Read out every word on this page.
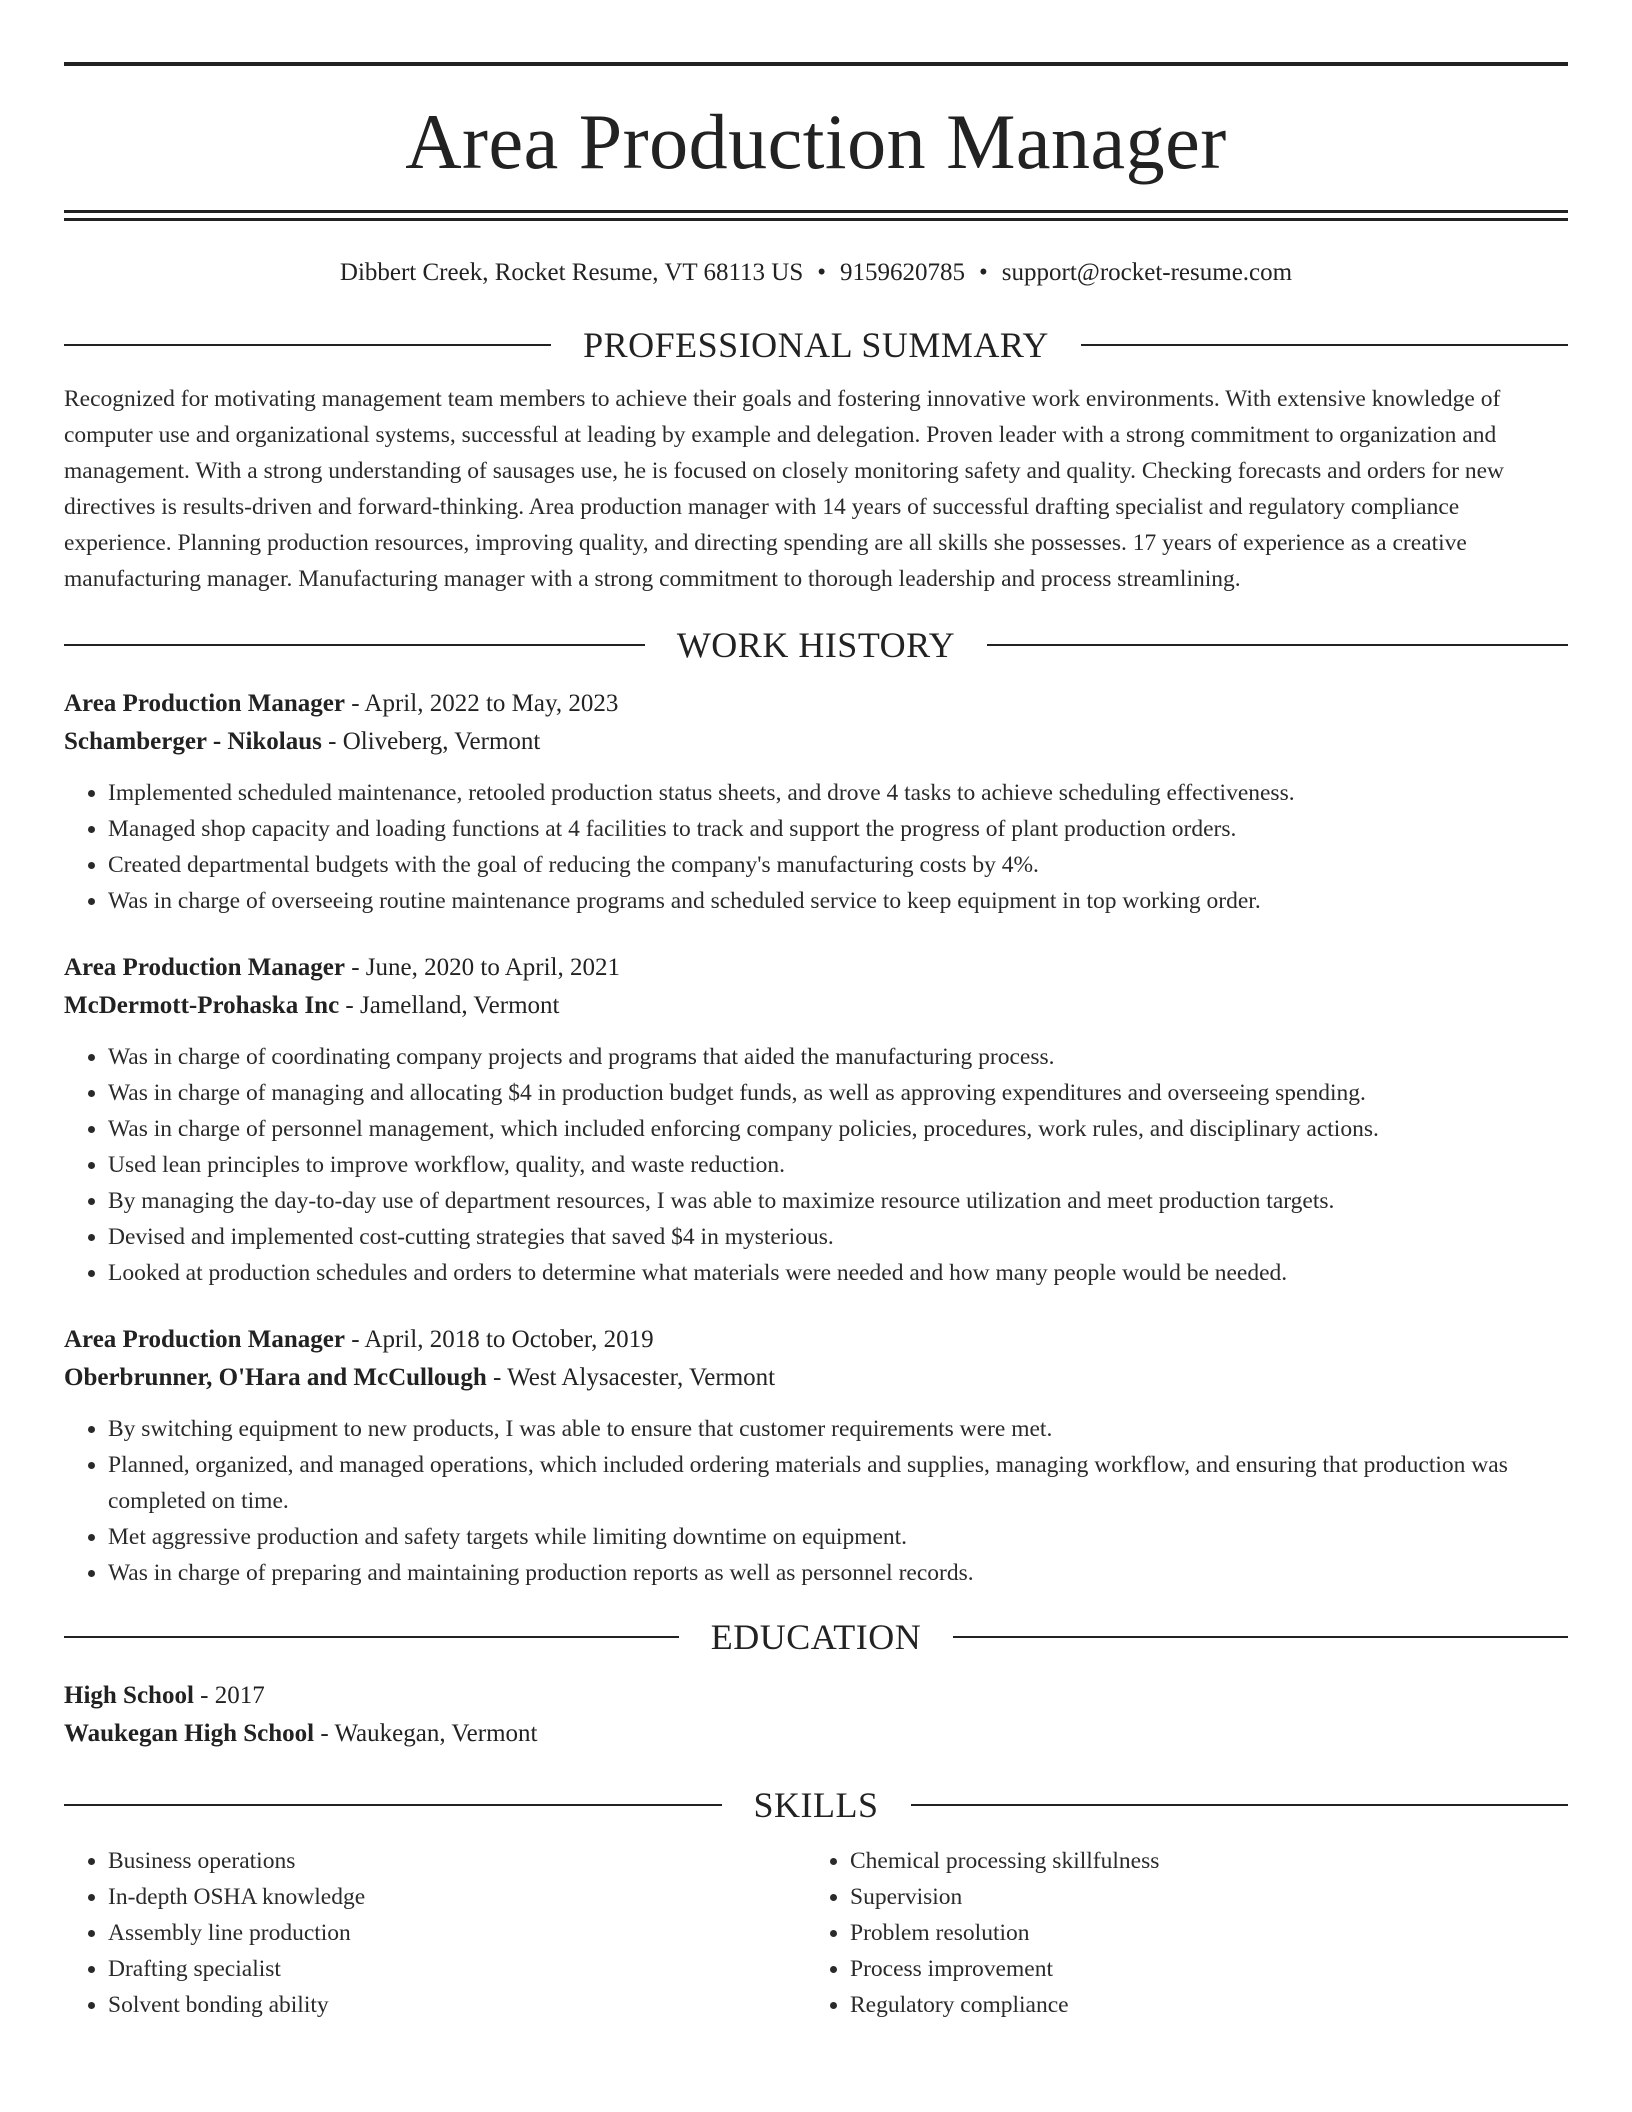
Area Production Manager
Dibbert Creek, Rocket Resume, VT 68113 US • 9159620785 • support@rocket-resume.com
PROFESSIONAL SUMMARY
Recognized for motivating management team members to achieve their goals and fostering innovative work environments. With extensive knowledge of computer use and organizational systems, successful at leading by example and delegation. Proven leader with a strong commitment to organization and management. With a strong understanding of sausages use, he is focused on closely monitoring safety and quality. Checking forecasts and orders for new directives is results-driven and forward-thinking. Area production manager with 14 years of successful drafting specialist and regulatory compliance experience. Planning production resources, improving quality, and directing spending are all skills she possesses. 17 years of experience as a creative manufacturing manager. Manufacturing manager with a strong commitment to thorough leadership and process streamlining.
WORK HISTORY
Area Production Manager - April, 2022 to May, 2023
Schamberger - Nikolaus - Oliveberg, Vermont
• Implemented scheduled maintenance, retooled production status sheets, and drove 4 tasks to achieve scheduling effectiveness.
• Managed shop capacity and loading functions at 4 facilities to track and support the progress of plant production orders.
• Created departmental budgets with the goal of reducing the company's manufacturing costs by 4%.
• Was in charge of overseeing routine maintenance programs and scheduled service to keep equipment in top working order.
Area Production Manager - June, 2020 to April, 2021
McDermott-Prohaska Inc - Jamelland, Vermont
• Was in charge of coordinating company projects and programs that aided the manufacturing process.
• Was in charge of managing and allocating $4 in production budget funds, as well as approving expenditures and overseeing spending.
• Was in charge of personnel management, which included enforcing company policies, procedures, work rules, and disciplinary actions.
• Used lean principles to improve workflow, quality, and waste reduction.
• By managing the day-to-day use of department resources, I was able to maximize resource utilization and meet production targets.
• Devised and implemented cost-cutting strategies that saved $4 in mysterious.
• Looked at production schedules and orders to determine what materials were needed and how many people would be needed.
Area Production Manager - April, 2018 to October, 2019
Oberbrunner, O'Hara and McCullough - West Alysacester, Vermont
• By switching equipment to new products, I was able to ensure that customer requirements were met.
• Planned, organized, and managed operations, which included ordering materials and supplies, managing workflow, and ensuring that production was completed on time.
• Met aggressive production and safety targets while limiting downtime on equipment.
• Was in charge of preparing and maintaining production reports as well as personnel records.
EDUCATION
High School - 2017
Waukegan High School - Waukegan, Vermont
SKILLS
• Business operations
• In-depth OSHA knowledge
• Assembly line production
• Drafting specialist
• Solvent bonding ability
• Chemical processing skillfulness
• Supervision
• Problem resolution
• Process improvement
• Regulatory compliance
